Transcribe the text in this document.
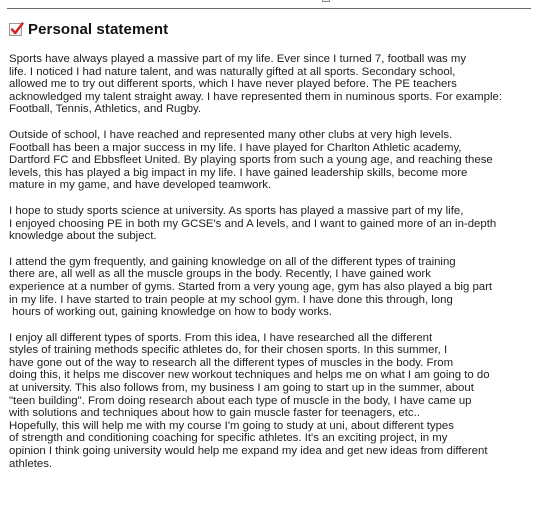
Personal statement
Sports have always played a massive part of my life. Ever since I turned 7, football was my
life. I noticed I had nature talent, and was naturally gifted at all sports. Secondary school,
allowed me to try out different sports, which I have never played before. The PE teachers
acknowledged my talent straight away. I have represented them in numinous sports. For example:
Football, Tennis, Athletics, and Rugby.
Outside of school, I have reached and represented many other clubs at very high levels.
Football has been a major success in my life. I have played for Charlton Athletic academy,
Dartford FC and Ebbsfleet United. By playing sports from such a young age, and reaching these
levels, this has played a big impact in my life. I have gained leadership skills, become more
mature in my game, and have developed teamwork.
I hope to study sports science at university. As sports has played a massive part of my life,
I enjoyed choosing PE in both my GCSE's and A levels, and I want to gained more of an in-depth
knowledge about the subject.
I attend the gym frequently, and gaining knowledge on all of the different types of training
there are, all well as all the muscle groups in the body. Recently, I have gained work
experience at a number of gyms. Started from a very young age, gym has also played a big part
in my life. I have started to train people at my school gym. I have done this through, long
hours of working out, gaining knowledge on how to body works.
I enjoy all different types of sports. From this idea, I have researched all the different
styles of training methods specific athletes do, for their chosen sports. In this summer, I
have gone out of the way to research all the different types of muscles in the body. From
doing this, it helps me discover new workout techniques and helps me on what I am going to do
at university. This also follows from, my business I am going to start up in the summer, about
"teen building". From doing research about each type of muscle in the body, I have came up
with solutions and techniques about how to gain muscle faster for teenagers, etc..
Hopefully, this will help me with my course I'm going to study at uni, about different types
of strength and conditioning coaching for specific athletes. It's an exciting project, in my
opinion I think going university would help me expand my idea and get new ideas from different
athletes.
